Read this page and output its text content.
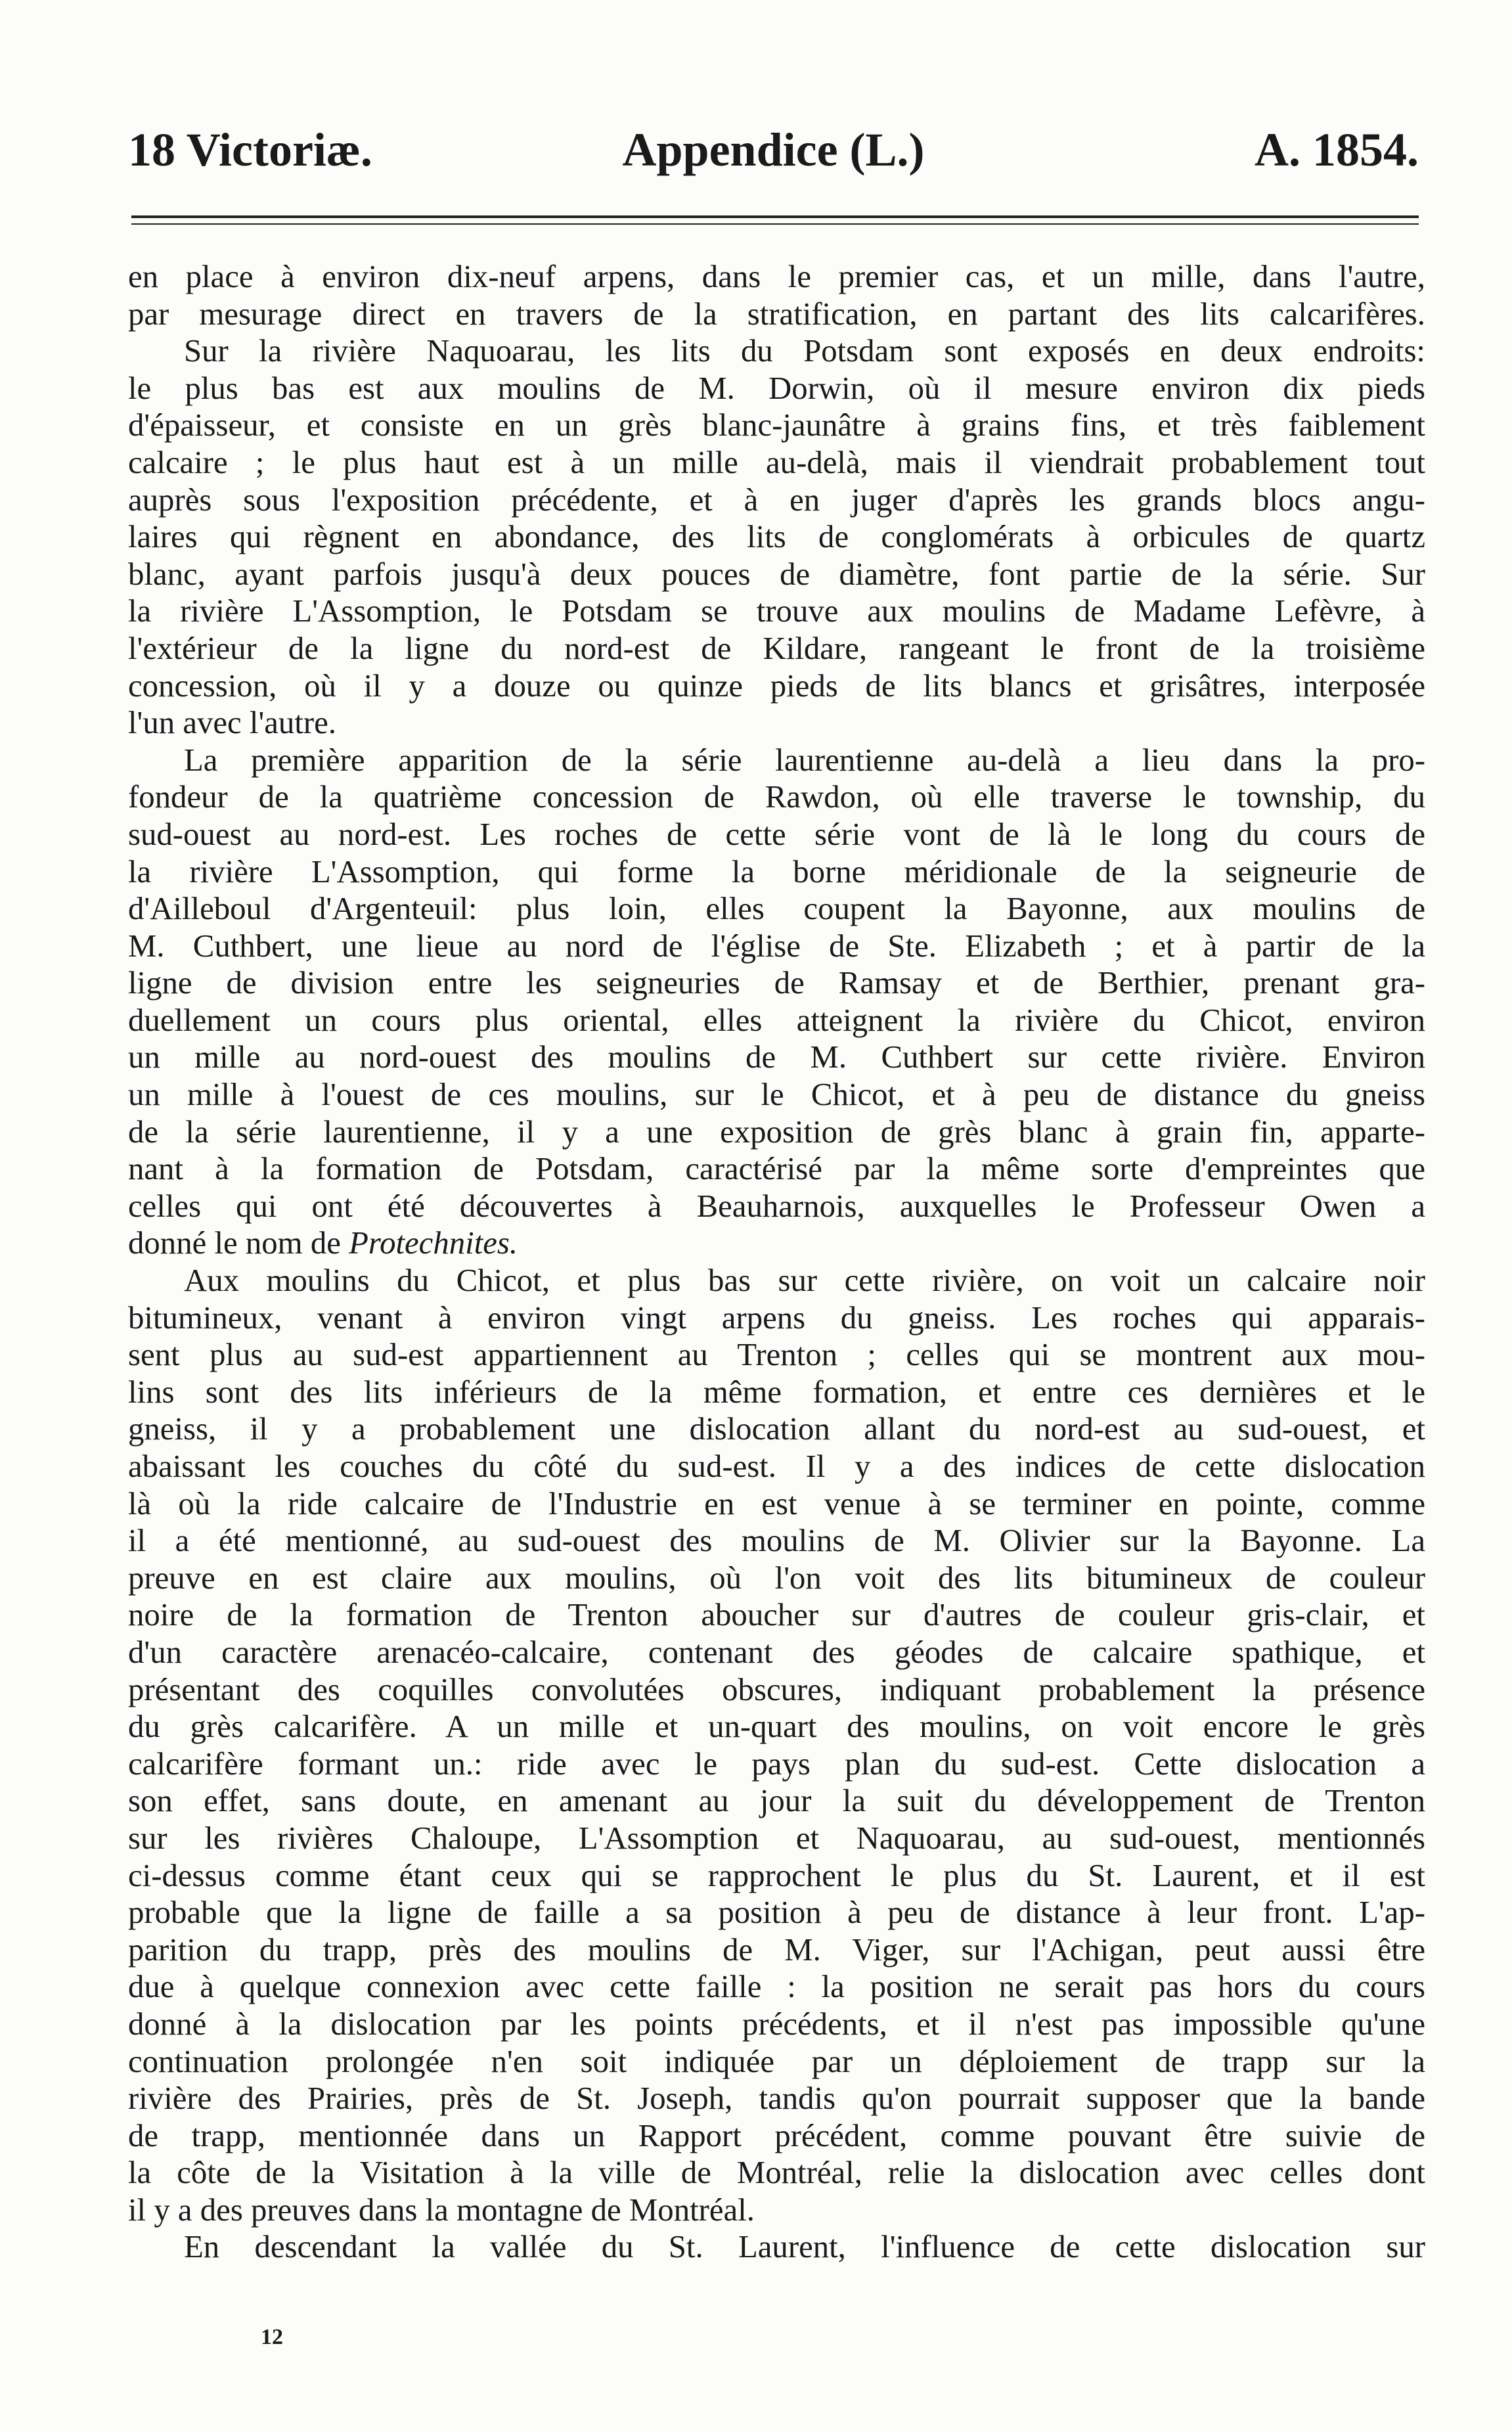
18 Victoriæ.	Appendice (L.)	A. 1854.
en place à environ dix-neuf arpens, dans le premier cas, et un mille, dans l'autre,
par mesurage direct en travers de la stratification, en partant des lits calcarifères.
Sur la rivière Naquoarau, les lits du Potsdam sont exposés en deux endroits:
le plus bas est aux moulins de M. Dorwin, où il mesure environ dix pieds
d'épaisseur, et consiste en un grès blanc-jaunâtre à grains fins, et très faiblement
calcaire ; le plus haut est à un mille au-delà, mais il viendrait probablement tout
auprès sous l'exposition précédente, et à en juger d'après les grands blocs angu-
laires qui règnent en abondance, des lits de conglomérats à orbicules de quartz
blanc, ayant parfois jusqu'à deux pouces de diamètre, font partie de la série. Sur
la rivière L'Assomption, le Potsdam se trouve aux moulins de Madame Lefèvre, à
l'extérieur de la ligne du nord-est de Kildare, rangeant le front de la troisième
concession, où il y a douze ou quinze pieds de lits blancs et grisâtres, interposée
l'un avec l'autre.
La première apparition de la série laurentienne au-delà a lieu dans la pro-
fondeur de la quatrième concession de Rawdon, où elle traverse le township, du
sud-ouest au nord-est. Les roches de cette série vont de là le long du cours de
la rivière L'Assomption, qui forme la borne méridionale de la seigneurie de
d'Ailleboul d'Argenteuil: plus loin, elles coupent la Bayonne, aux moulins de
M. Cuthbert, une lieue au nord de l'église de Ste. Elizabeth ; et à partir de la
ligne de division entre les seigneuries de Ramsay et de Berthier, prenant gra-
duellement un cours plus oriental, elles atteignent la rivière du Chicot, environ
un mille au nord-ouest des moulins de M. Cuthbert sur cette rivière. Environ
un mille à l'ouest de ces moulins, sur le Chicot, et à peu de distance du gneiss
de la série laurentienne, il y a une exposition de grès blanc à grain fin, apparte-
nant à la formation de Potsdam, caractérisé par la même sorte d'empreintes que
celles qui ont été découvertes à Beauharnois, auxquelles le Professeur Owen a
donné le nom de Protechnites.
Aux moulins du Chicot, et plus bas sur cette rivière, on voit un calcaire noir
bitumineux, venant à environ vingt arpens du gneiss. Les roches qui apparais-
sent plus au sud-est appartiennent au Trenton ; celles qui se montrent aux mou-
lins sont des lits inférieurs de la même formation, et entre ces dernières et le
gneiss, il y a probablement une dislocation allant du nord-est au sud-ouest, et
abaissant les couches du côté du sud-est. Il y a des indices de cette dislocation
là où la ride calcaire de l'Industrie en est venue à se terminer en pointe, comme
il a été mentionné, au sud-ouest des moulins de M. Olivier sur la Bayonne. La
preuve en est claire aux moulins, où l'on voit des lits bitumineux de couleur
noire de la formation de Trenton aboucher sur d'autres de couleur gris-clair, et
d'un caractère arenacéo-calcaire, contenant des géodes de calcaire spathique, et
présentant des coquilles convolutées obscures, indiquant probablement la présence
du grès calcarifère. A un mille et un-quart des moulins, on voit encore le grès
calcarifère formant un.: ride avec le pays plan du sud-est. Cette dislocation a
son effet, sans doute, en amenant au jour la suit du développement de Trenton
sur les rivières Chaloupe, L'Assomption et Naquoarau, au sud-ouest, mentionnés
ci-dessus comme étant ceux qui se rapprochent le plus du St. Laurent, et il est
probable que la ligne de faille a sa position à peu de distance à leur front. L'ap-
parition du trapp, près des moulins de M. Viger, sur l'Achigan, peut aussi être
due à quelque connexion avec cette faille : la position ne serait pas hors du cours
donné à la dislocation par les points précédents, et il n'est pas impossible qu'une
continuation prolongée n'en soit indiquée par un déploiement de trapp sur la
rivière des Prairies, près de St. Joseph, tandis qu'on pourrait supposer que la bande
de trapp, mentionnée dans un Rapport précédent, comme pouvant être suivie de
la côte de la Visitation à la ville de Montréal, relie la dislocation avec celles dont
il y a des preuves dans la montagne de Montréal.
En descendant la vallée du St. Laurent, l'influence de cette dislocation sur
12
